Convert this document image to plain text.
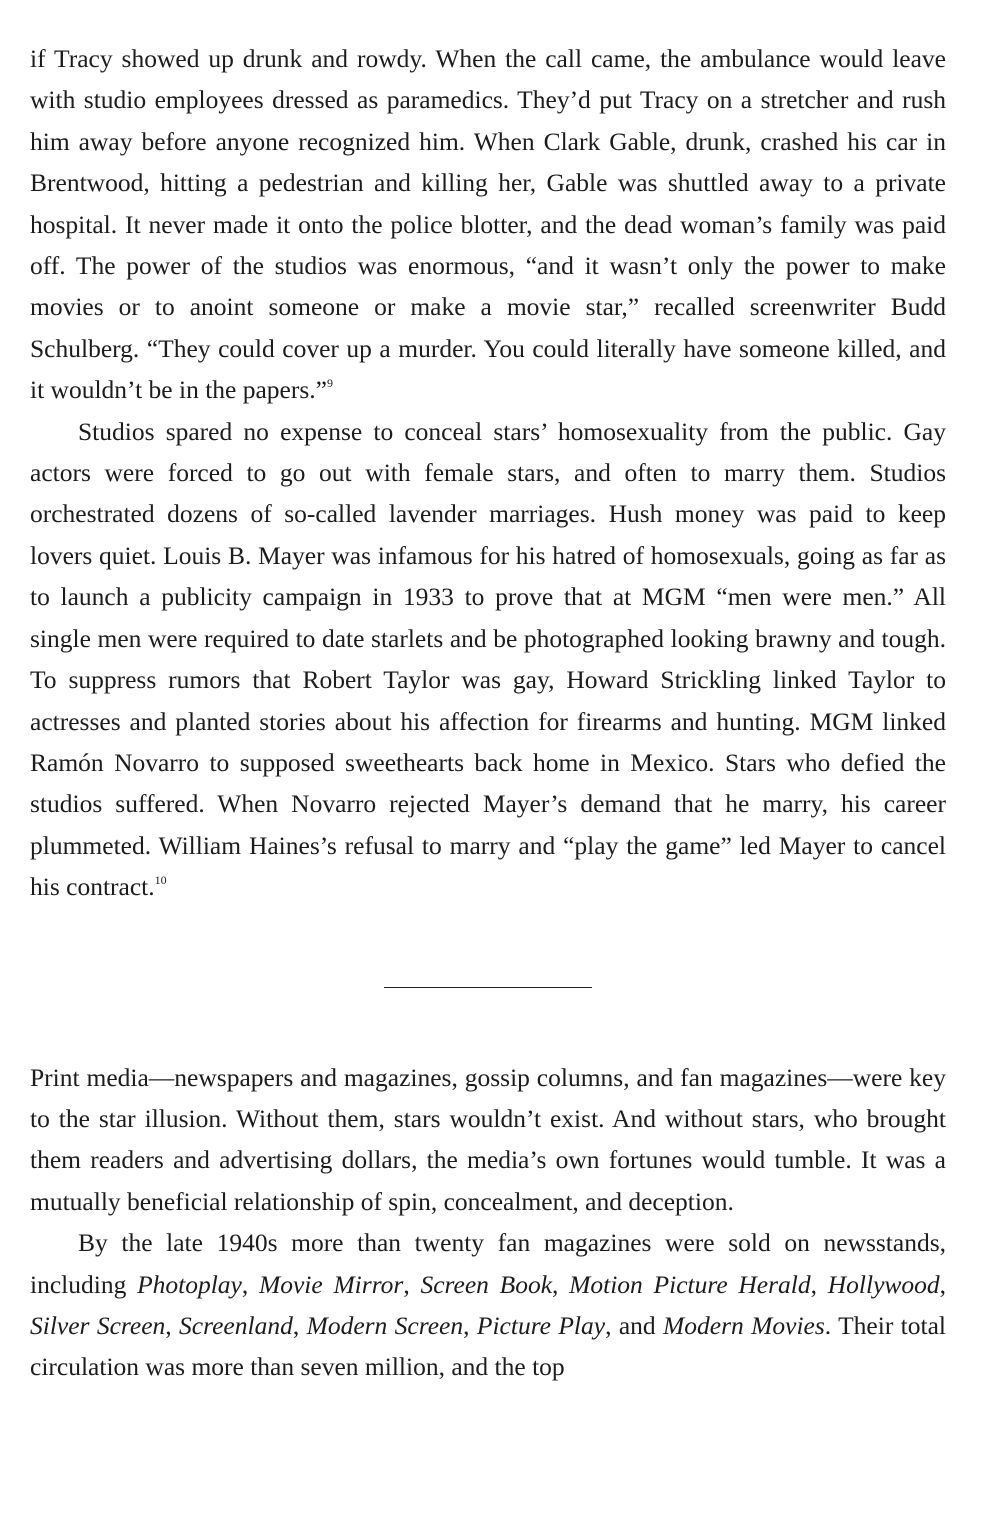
if Tracy showed up drunk and rowdy. When the call came, the ambulance would leave with studio employees dressed as paramedics. They’d put Tracy on a stretcher and rush him away before anyone recognized him. When Clark Gable, drunk, crashed his car in Brentwood, hitting a pedestrian and killing her, Gable was shuttled away to a private hospital. It never made it onto the police blotter, and the dead woman’s family was paid off. The power of the studios was enormous, “and it wasn’t only the power to make movies or to anoint someone or make a movie star,” recalled screenwriter Budd Schulberg. “They could cover up a murder. You could literally have someone killed, and it wouldn’t be in the papers.”$^9$

Studios spared no expense to conceal stars’ homosexuality from the public. Gay actors were forced to go out with female stars, and often to marry them. Studios orchestrated dozens of so-called lavender marriages. Hush money was paid to keep lovers quiet. Louis B. Mayer was infamous for his hatred of homosexuals, going as far as to launch a publicity campaign in 1933 to prove that at MGM “men were men.” All single men were required to date starlets and be photographed looking brawny and tough. To suppress rumors that Robert Taylor was gay, Howard Strickling linked Taylor to actresses and planted stories about his affection for firearms and hunting. MGM linked Ramón Novarro to supposed sweethearts back home in Mexico. Stars who defied the studios suffered. When Novarro rejected Mayer’s demand that he marry, his career plummeted. William Haines’s refusal to marry and “play the game” led Mayer to cancel his contract.$^{10}$

Print media—newspapers and magazines, gossip columns, and fan magazines—were key to the star illusion. Without them, stars wouldn’t exist. And without stars, who brought them readers and advertising dollars, the media’s own fortunes would tumble. It was a mutually beneficial relationship of spin, concealment, and deception.

By the late 1940s more than twenty fan magazines were sold on newsstands, including Photoplay, Movie Mirror, Screen Book, Motion Picture Herald, Hollywood, Silver Screen, Screenland, Modern Screen, Picture Play, and Modern Movies. Their total circulation was more than seven million, and the top
